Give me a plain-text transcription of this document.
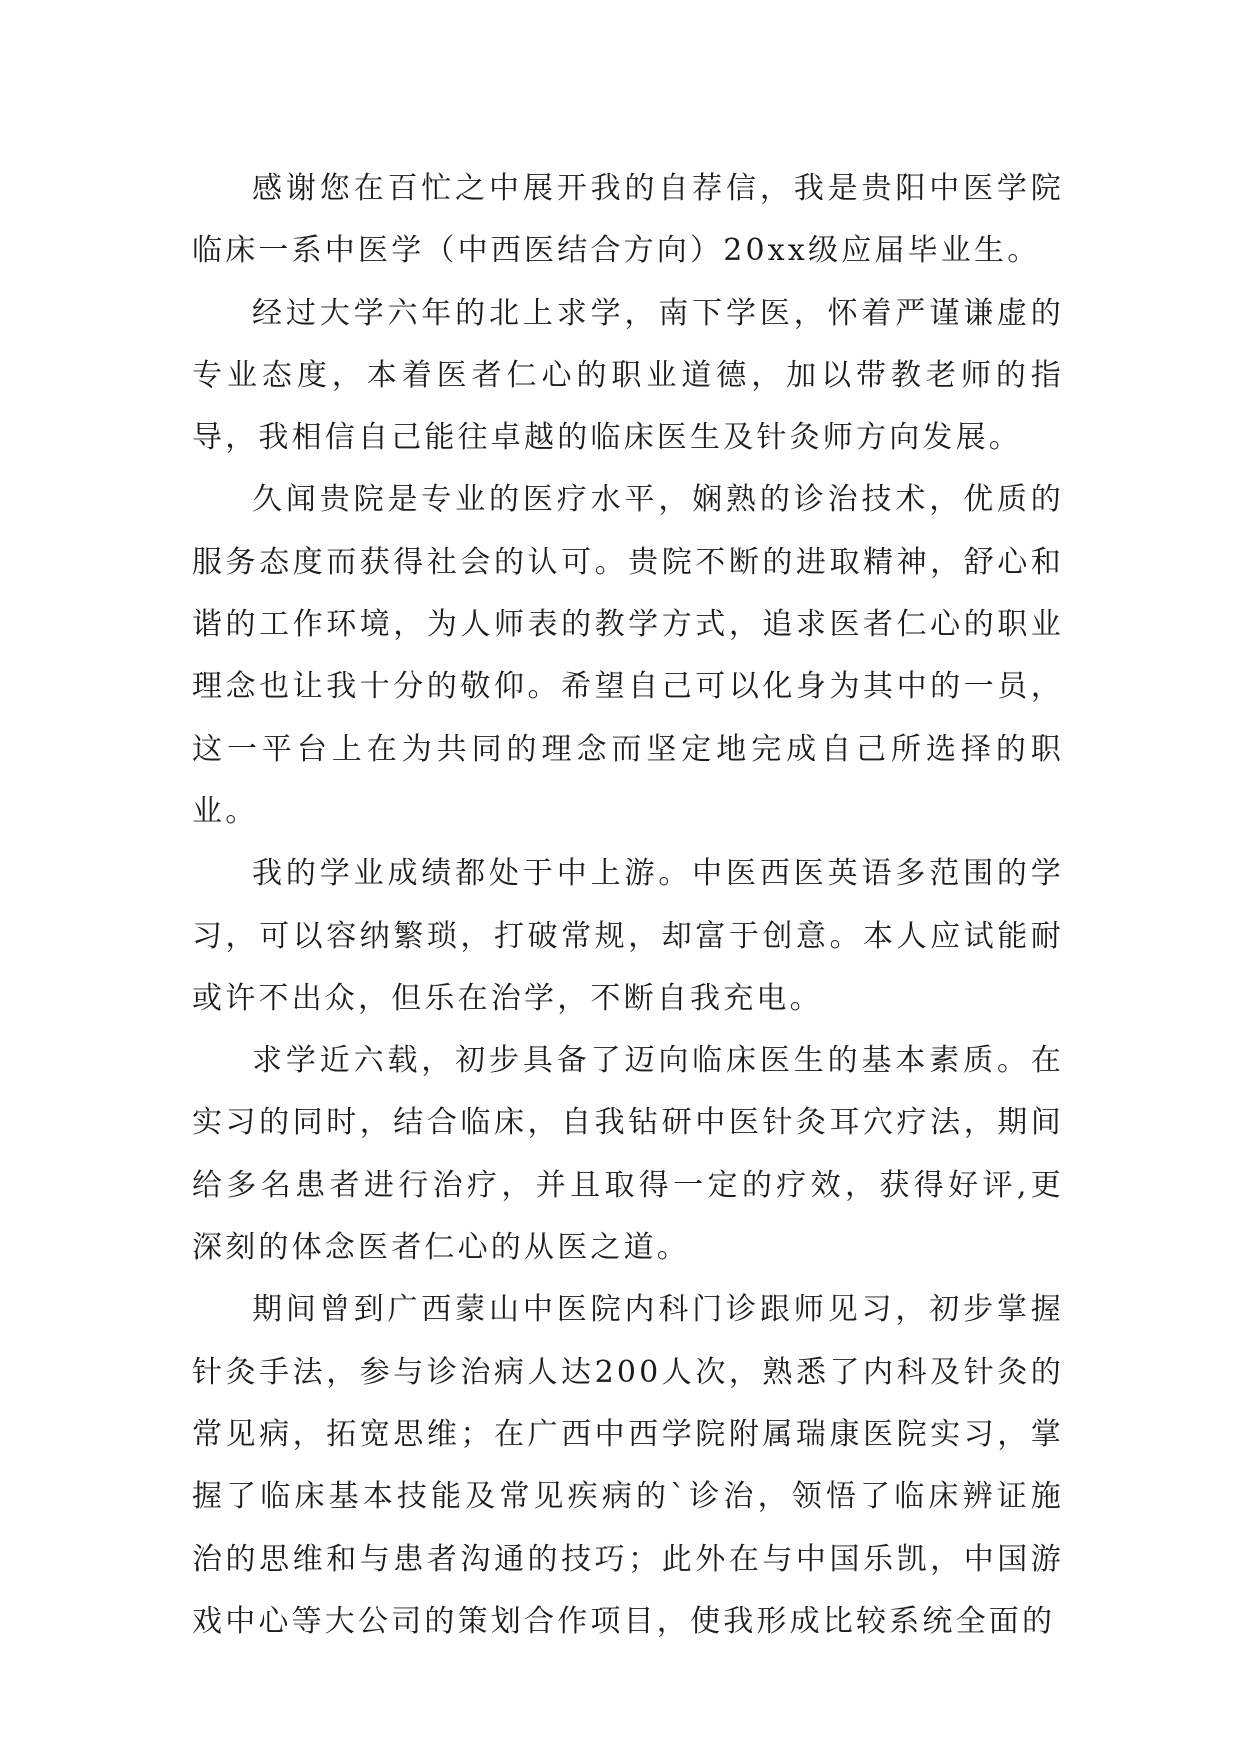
感谢您在百忙之中展开我的自荐信，我是贵阳中医学院临床一系中医学（中西医结合方向）20xx级应届毕业生。

经过大学六年的北上求学，南下学医，怀着严谨谦虚的专业态度，本着医者仁心的职业道德，加以带教老师的指导，我相信自己能往卓越的临床医生及针灸师方向发展。

久闻贵院是专业的医疗水平，娴熟的诊治技术，优质的服务态度而获得社会的认可。贵院不断的进取精神，舒心和谐的工作环境，为人师表的教学方式，追求医者仁心的职业理念也让我十分的敬仰。希望自己可以化身为其中的一员，这一平台上在为共同的理念而坚定地完成自己所选择的职业。

我的学业成绩都处于中上游。中医西医英语多范围的学习，可以容纳繁琐，打破常规，却富于创意。本人应试能耐或许不出众，但乐在治学，不断自我充电。

求学近六载，初步具备了迈向临床医生的基本素质。在实习的同时，结合临床，自我钻研中医针灸耳穴疗法，期间给多名患者进行治疗，并且取得一定的疗效，获得好评,更深刻的体念医者仁心的从医之道。

期间曾到广西蒙山中医院内科门诊跟师见习，初步掌握针灸手法，参与诊治病人达200人次，熟悉了内科及针灸的常见病，拓宽思维；在广西中西学院附属瑞康医院实习，掌握了临床基本技能及常见疾病的`诊治，领悟了临床辨证施治的思维和与患者沟通的技巧；此外在与中国乐凯，中国游戏中心等大公司的策划合作项目，使我形成比较系统全面的
